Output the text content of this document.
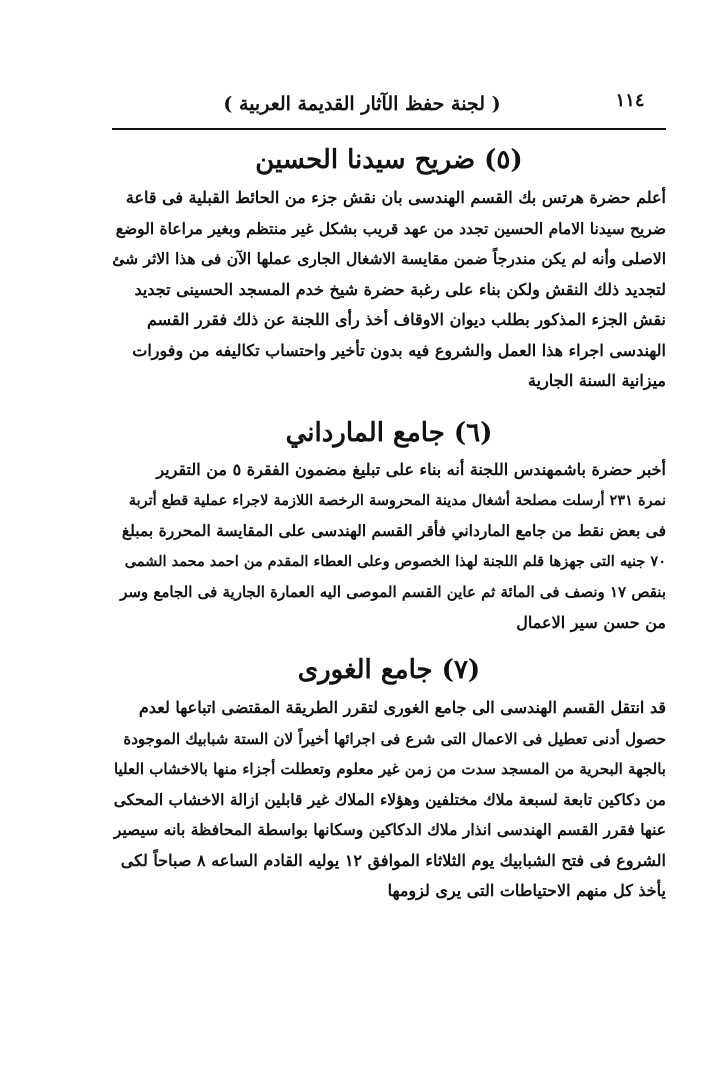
١١٤
( لجنة حفظ الآثار القديمة العربية )
(٥) ضريح سيدنا الحسين

أعلم حضرة هرتس بك القسم الهندسى بان نقش جزء من الحائط القبلية فى قاعة

ضريح سيدنا الامام الحسين تجدد من عهد قريب بشكل غير منتظم وبغير مراعاة الوضع

الاصلى وأنه لم يكن مندرجاً ضمن مقايسة الاشغال الجارى عملها الآن فى هذا الاثر شئ

لتجديد ذلك النقش ولكن بناء على رغبة حضرة شيخ خدم المسجد الحسينى تجديد

نقش الجزء المذكور بطلب ديوان الاوقاف أخذ رأى اللجنة عن ذلك فقرر القسم

الهندسى اجراء هذا العمل والشروع فيه بدون تأخير واحتساب تكاليفه من وفورات

ميزانية السنة الجارية

(٦) جامع المارداني

أخبر حضرة باشمهندس اللجنة أنه بناء على تبليغ مضمون الفقرة ٥ من التقرير

نمرة ٢٣١ أرسلت مصلحة أشغال مدينة المحروسة الرخصة اللازمة لاجراء عملية قطع أتربة

فى بعض نقط من جامع المارداني فأقر القسم الهندسى على المقايسة المحررة بمبلغ

٧٠ جنيه التى جهزها قلم اللجنة لهذا الخصوص وعلى العطاء المقدم من احمد محمد الشمى

بنقص ١٧ ونصف فى المائة ثم عاين القسم الموصى اليه العمارة الجارية فى الجامع وسر

من حسن سير الاعمال

(٧) جامع الغورى

قد انتقل القسم الهندسى الى جامع الغورى لتقرر الطريقة المقتضى اتباعها لعدم

حصول أدنى تعطيل فى الاعمال التى شرع فى اجرائها أخيراً لان الستة شبابيك الموجودة

بالجهة البحرية من المسجد سدت من زمن غير معلوم وتعطلت أجزاء منها بالاخشاب العليا

من دكاكين تابعة لسبعة ملاك مختلفين وهؤلاء الملاك غير قابلين ازالة الاخشاب المحكى

عنها فقرر القسم الهندسى انذار ملاك الدكاكين وسكانها بواسطة المحافظة بانه سيصير

الشروع فى فتح الشبابيك يوم الثلاثاء الموافق ١٢ يوليه القادم الساعه ٨ صباحاً لكى

يأخذ كل منهم الاحتياطات التى يرى لزومها
